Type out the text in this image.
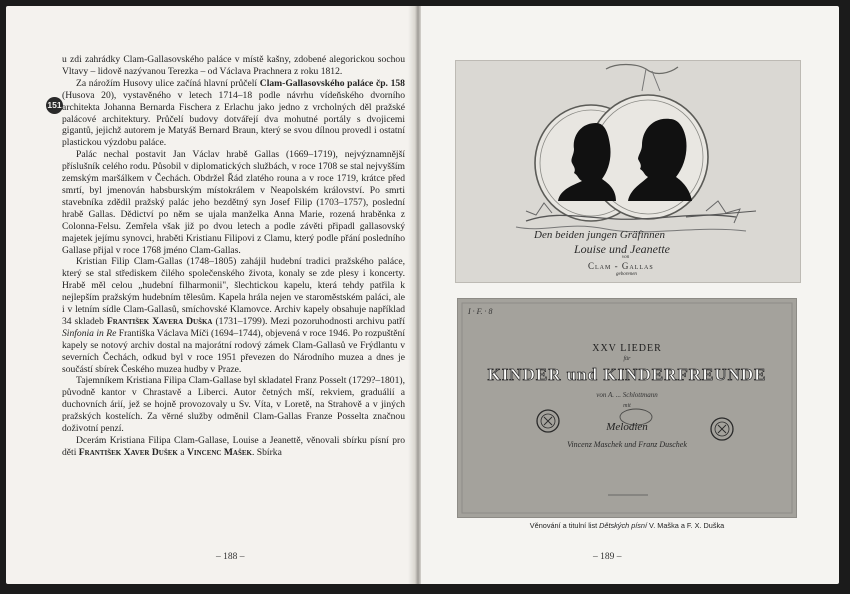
151

u zdi zahrádky Clam-Gallasovského paláce v místě kašny, zdobené alegorickou sochou Vltavy – lidově nazývanou Terezka – od Václava Prachnera z roku 1812.

Za nárožím Husovy ulice začíná hlavní průčelí Clam-Gallasovského paláce čp. 158 (Husova 20), vystavěného v letech 1714–18 podle návrhu vídeňského dvorního architekta Johanna Bernarda Fischera z Erlachu jako jedno z vrcholných děl pražské palácové architektury. Průčelí budovy dotvářejí dva mohutné portály s dvojicemi gigantů, jejichž autorem je Matyáš Bernard Braun, který se svou dílnou provedl i ostatní plastickou výzdobu paláce.

Palác nechal postavit Jan Václav hrabě Gallas (1669–1719), nejvýznamnější příslušník celého rodu. Působil v diplomatických službách, v roce 1708 se stal nejvyšším zemským maršálkem v Čechách. Obdržel Řád zlatého rouna a v roce 1719, krátce před smrtí, byl jmenován habsburským místokrálem v Neapolském království. Po smrti stavebníka zdědil pražský palác jeho bezdětný syn Josef Filip (1703–1757), poslední hrabě Gallas. Dědictví po něm se ujala manželka Anna Marie, rozená hraběnka z Colonna-Felsu. Zemřela však již po dvou letech a podle závěti připadl gallasovský majetek jejímu synovci, hraběti Kristianu Filipovi z Clamu, který podle přání posledního Gallase přijal v roce 1768 jméno Clam-Gallas.

Kristian Filip Clam-Gallas (1748–1805) zahájil hudební tradici pražského paláce, který se stal střediskem čilého společenského života, konaly se zde plesy i koncerty. Hrabě měl celou „hudební filharmonii", šlechtickou kapelu, která tehdy patřila k nejlepším pražským hudebním tělesům. Kapela hrála nejen ve staroměstském paláci, ale i v letním sídle Clam-Gallasů, smíchovské Klamovce. Archiv kapely obsahuje například 34 skladeb František Xavera Duška (1731–1799). Mezi pozoruhodnosti archivu patří Sinfonia in Re Františka Václava Míči (1694–1744), objevená v roce 1946. Po rozpuštění kapely se notový archiv dostal na majorátní rodový zámek Clam-Gallasů ve Frýdlantu v severních Čechách, odkud byl v roce 1951 převezen do Národního muzea a dnes je součástí sbírek Českého muzea hudby v Praze.

Tajemníkem Kristiana Filipa Clam-Gallase byl skladatel Franz Posselt (1729?–1801), původně kantor v Chrastavě a Liberci. Autor četných mší, rekviem, graduálií a duchovních árií, jež se hojně provozovaly u Sv. Víta, v Loretě, na Strahově a v jiných pražských kostelích. Za věrné služby odměnil Clam-Gallas Franze Posselta značnou doživotní penzí.

Dcerám Kristiana Filipa Clam-Gallase, Louise a Jeanettě, věnovali sbírku písní pro děti František Xaver Dušek a Vincenc Mašek. Sbírka

– 188 –
Den beiden jungen Gräfinnen
Louise und Jeanette
von
Clam - Gallas
geborenen
I · F. · 8
XXV LIEDER
für
KINDER und KINDERFREUNDE
von A. ... Schlottmann
mit
Melodien
Vincenz Maschek und Franz Duschek
Věnování a titulní list Dětských písní V. Maška a F. X. Duška
– 189 –
